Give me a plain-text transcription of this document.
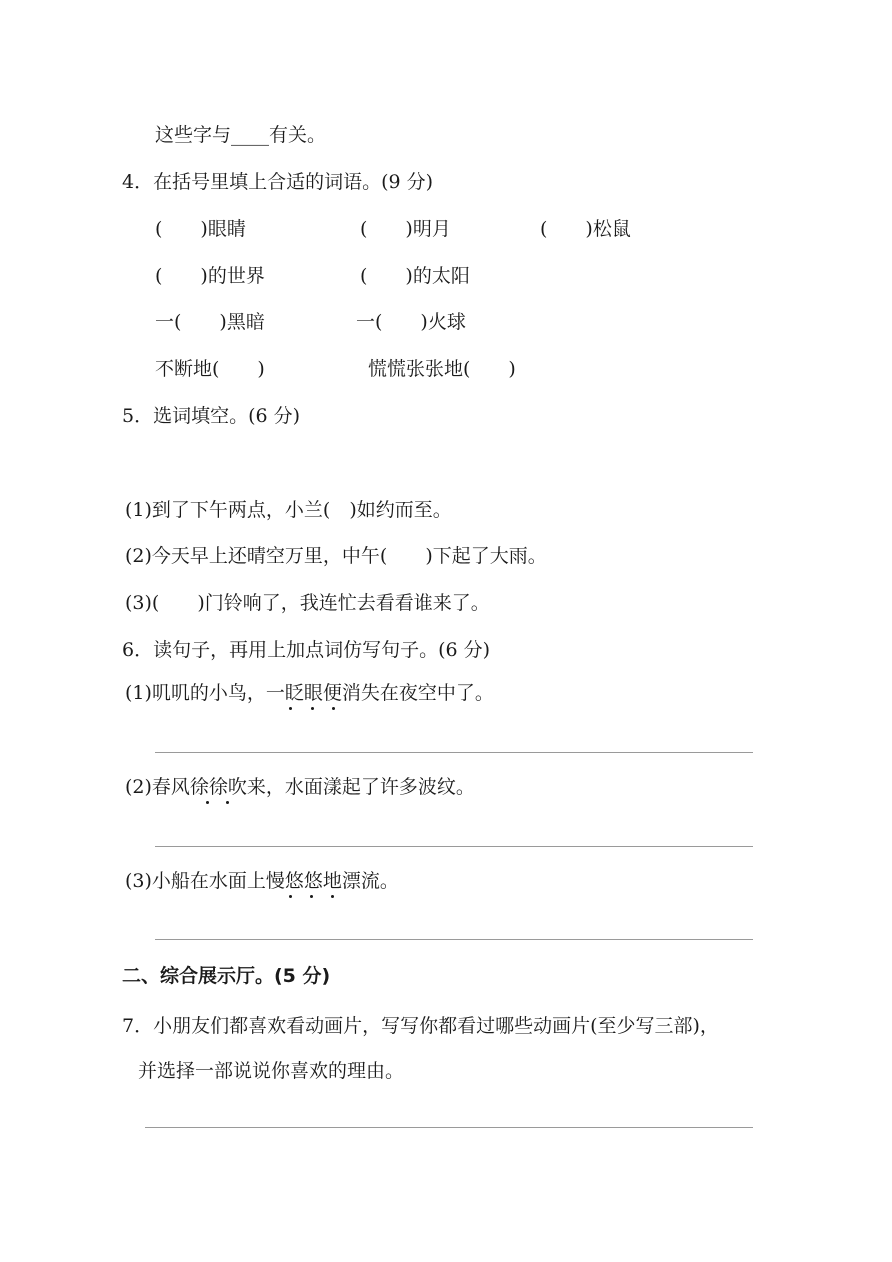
这些字与____有关。
4．在括号里填上合适的词语。(9 分)
(　　)眼睛	(　　)明月	(　　)松鼠
(　　)的世界	(　　)的太阳
一(　　)黑暗	一(　　)火球
不断地(　　)	慌慌张张地(　　)
5．选词填空。(6 分)
(1)到了下午两点，小兰(　)如约而至。
(2)今天早上还晴空万里，中午(　　)下起了大雨。
(3)(　　)门铃响了，我连忙去看看谁来了。
6．读句子，再用上加点词仿写句子。(6 分)
(1)叽叽的小鸟，一眨眼便消失在夜空中了。
(2)春风徐徐吹来，水面漾起了许多波纹。
(3)小船在水面上慢悠悠地漂流。
二、综合展示厅。(5 分)
7．小朋友们都喜欢看动画片，写写你都看过哪些动画片(至少写三部)，
并选择一部说说你喜欢的理由。
